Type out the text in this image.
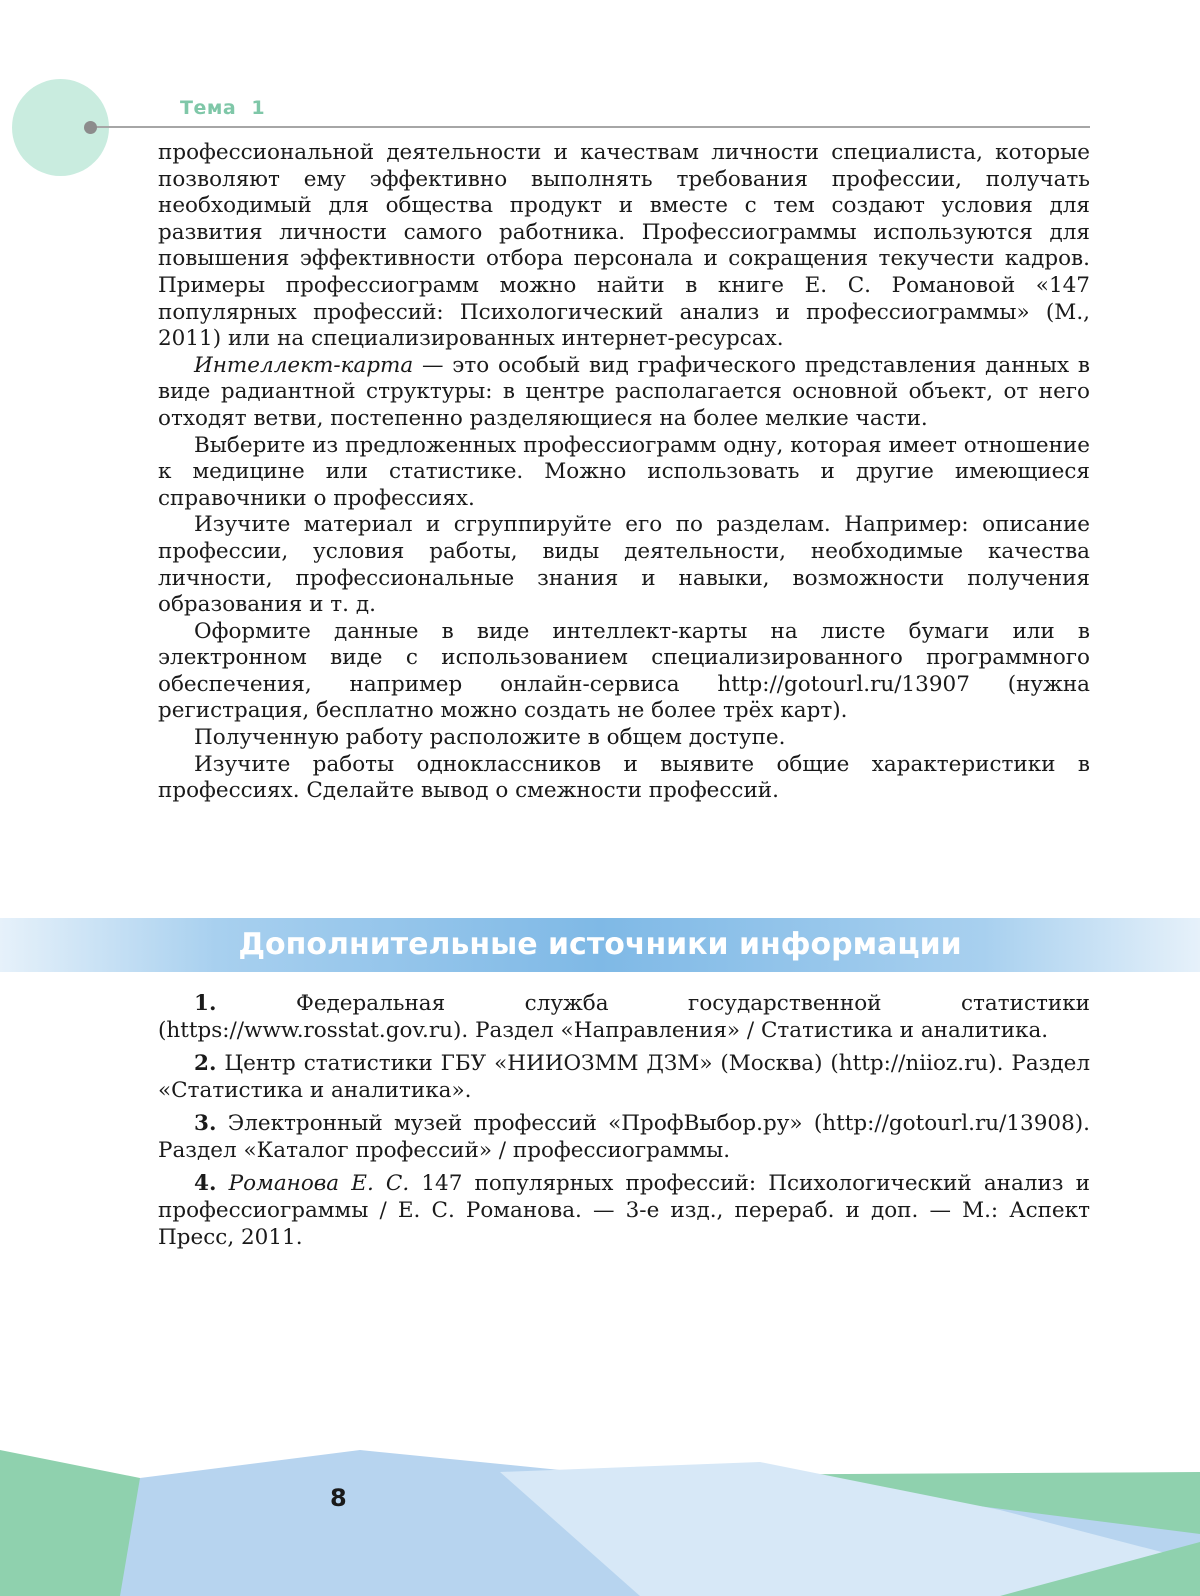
Тема 1

профессиональной деятельности и качествам личности специалиста, которые позволяют ему эффективно выполнять требования профессии, получать необходимый для общества продукт и вместе с тем создают условия для развития личности самого работника. Профессиограммы используются для повышения эффективности отбора персонала и сокращения текучести кадров. Примеры профессиограмм можно найти в книге Е. С. Романовой «147 популярных профессий: Психологический анализ и профессиограммы» (М., 2011) или на специализированных интернет-ресурсах.

Интеллект-карта — это особый вид графического представления данных в виде радиантной структуры: в центре располагается основной объект, от него отходят ветви, постепенно разделяющиеся на более мелкие части.

Выберите из предложенных профессиограмм одну, которая имеет отношение к медицине или статистике. Можно использовать и другие имеющиеся справочники о профессиях.

Изучите материал и сгруппируйте его по разделам. Например: описание профессии, условия работы, виды деятельности, необходимые качества личности, профессиональные знания и навыки, возможности получения образования и т. д.

Оформите данные в виде интеллект-карты на листе бумаги или в электронном виде с использованием специализированного программного обеспечения, например онлайн-сервиса http://gotourl.ru/13907 (нужна регистрация, бесплатно можно создать не более трёх карт).

Полученную работу расположите в общем доступе.

Изучите работы одноклассников и выявите общие характеристики в профессиях. Сделайте вывод о смежности профессий.

Дополнительные источники информации

1.	Федеральная служба государственной статистики (https://www.rosstat.gov.ru). Раздел «Направления» / Статистика и аналитика.

2. Центр статистики ГБУ «НИИОЗММ ДЗМ» (Москва) (http://niioz.ru). Раздел «Статистика и аналитика».

3. Электронный музей профессий «ПрофВыбор.ру» (http://gotourl.ru/13908). Раздел «Каталог профессий» / профессиограммы.

4. Романова Е. С. 147 популярных профессий: Психологический анализ и профессиограммы / Е. С. Романова. — 3-е изд., перераб. и доп. — М.: Аспект Пресс, 2011.

8
